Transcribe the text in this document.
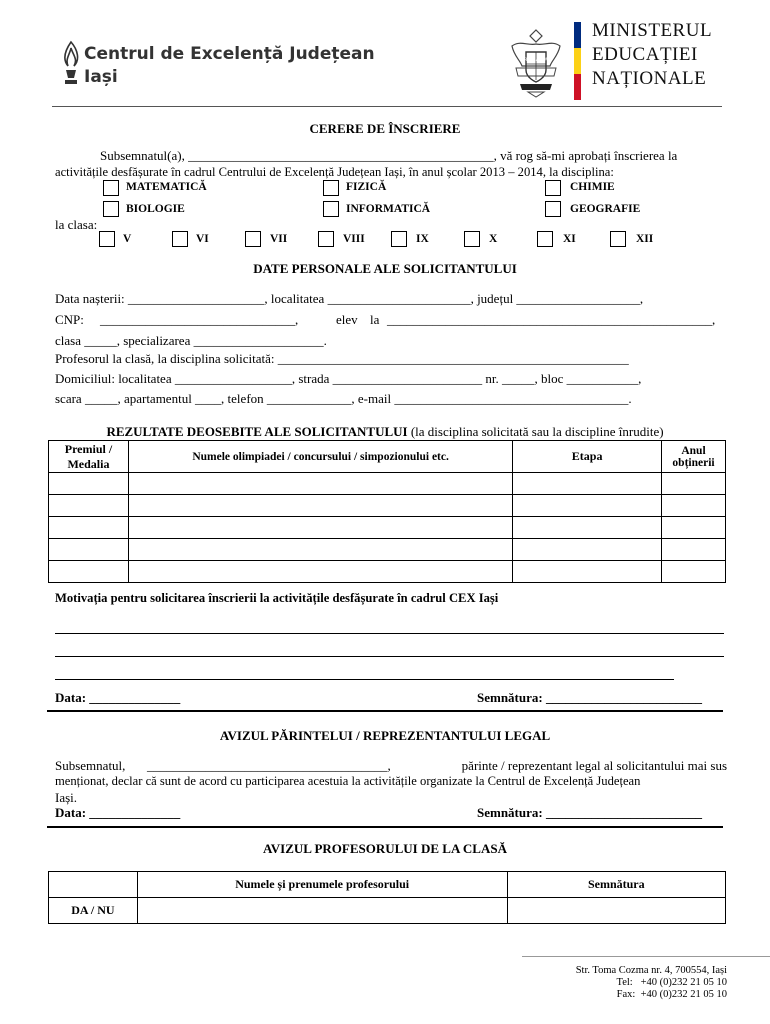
Centrul de Excelență Județean
Iași
ROMANIA
MINISTERUL
EDUCAȚIEI
NAȚIONALE
CERERE DE ÎNSCRIERE
Subsemnatul(a), _______________________________________________, vă rog să-mi aprobați înscrierea la
activitățile desfășurate în cadrul Centrului de Excelență Județean Iași, în anul școlar 2013 – 2014, la disciplina:
MATEMATICĂ	FIZICĂ	CHIMIE
BIOLOGIE	INFORMATICĂ	GEOGRAFIE
la clasa:
V	VI	VII	VIII	IX	X	XI	XII
DATE PERSONALE ALE SOLICITANTULUI
Data nașterii: _____________________, localitatea ______________________, județul ___________________,
CNP: ______________________________,	elev la __________________________________________________,
clasa _____, specializarea ____________________.
Profesorul la clasă, la disciplina solicitată: ______________________________________________________
Domiciliul: localitatea __________________, strada _______________________ nr. _____, bloc ___________,
scara _____, apartamentul ____, telefon _____________, e-mail ____________________________________.
REZULTATE DEOSEBITE ALE SOLICITANTULUI (la disciplina solicitată sau la discipline înrudite)
Premiul / Medalia	Numele olimpiadei / concursului / simpozionului etc.	Etapa	Anul obținerii

Motivația pentru solicitarea înscrierii la activitățile desfășurate în cadrul CEX Iași
Data: ______________	Semnătura: ________________________
AVIZUL PĂRINTELUI / REPREZENTANTULUI LEGAL
Subsemnatul, _____________________________________,	părinte / reprezentant legal al solicitantului mai sus
menționat, declar că sunt de acord cu participarea acestuia la activitățile organizate la Centrul de Excelență Județean
Iași.
Data: ______________	Semnătura: ________________________
AVIZUL PROFESORULUI DE LA CLASĂ
	Numele și prenumele profesorului	Semnătura
DA / NU		
Str. Toma Cozma nr. 4, 700554, Iași
Tel: +40 (0)232 21 05 10
Fax: +40 (0)232 21 05 10
